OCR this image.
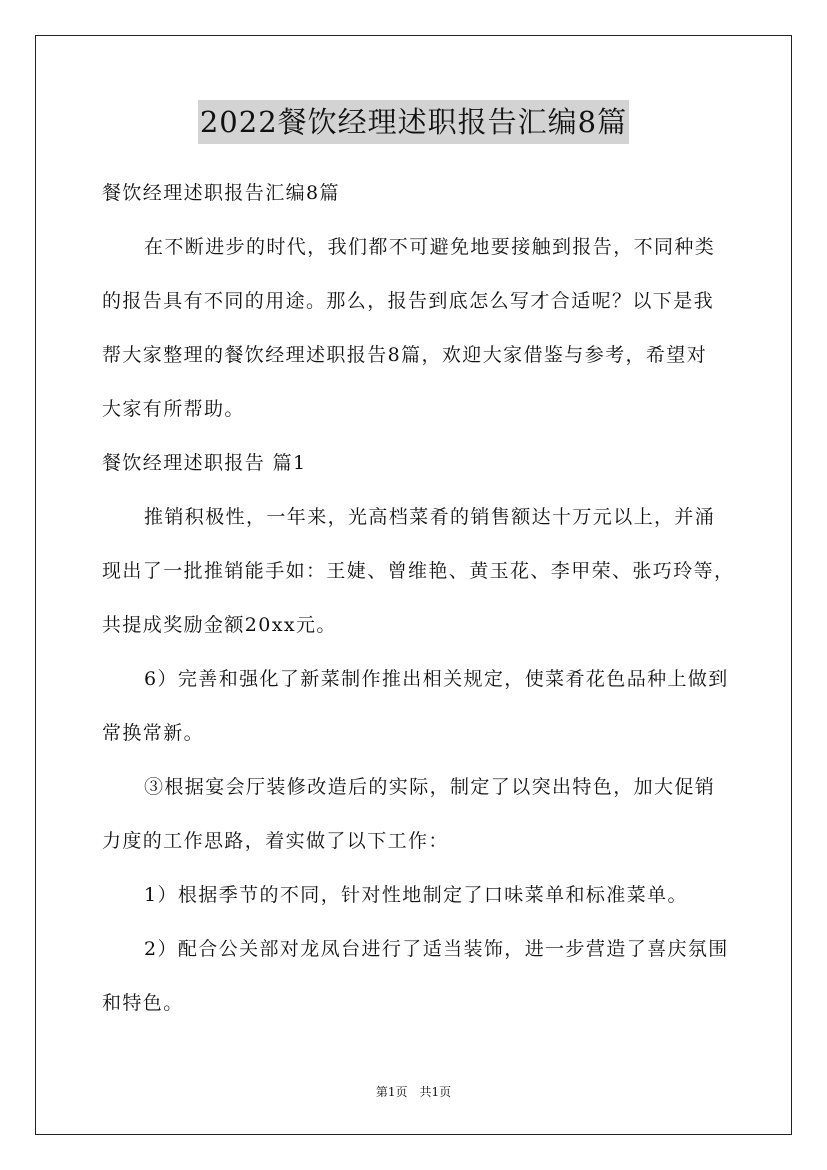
2022餐饮经理述职报告汇编8篇
餐饮经理述职报告汇编8篇
在不断进步的时代，我们都不可避免地要接触到报告，不同种类
的报告具有不同的用途。那么，报告到底怎么写才合适呢？以下是我
帮大家整理的餐饮经理述职报告8篇，欢迎大家借鉴与参考，希望对
大家有所帮助。
餐饮经理述职报告 篇1
推销积极性，一年来，光高档菜肴的销售额达十万元以上，并涌
现出了一批推销能手如：王婕、曾维艳、黄玉花、李甲荣、张巧玲等，
共提成奖励金额20xx元。
6）完善和强化了新菜制作推出相关规定，使菜肴花色品种上做到
常换常新。
③根据宴会厅装修改造后的实际，制定了以突出特色，加大促销
力度的工作思路，着实做了以下工作：
1）根据季节的不同，针对性地制定了口味菜单和标准菜单。
2）配合公关部对龙凤台进行了适当装饰，进一步营造了喜庆氛围
和特色。
第1页　共1页
